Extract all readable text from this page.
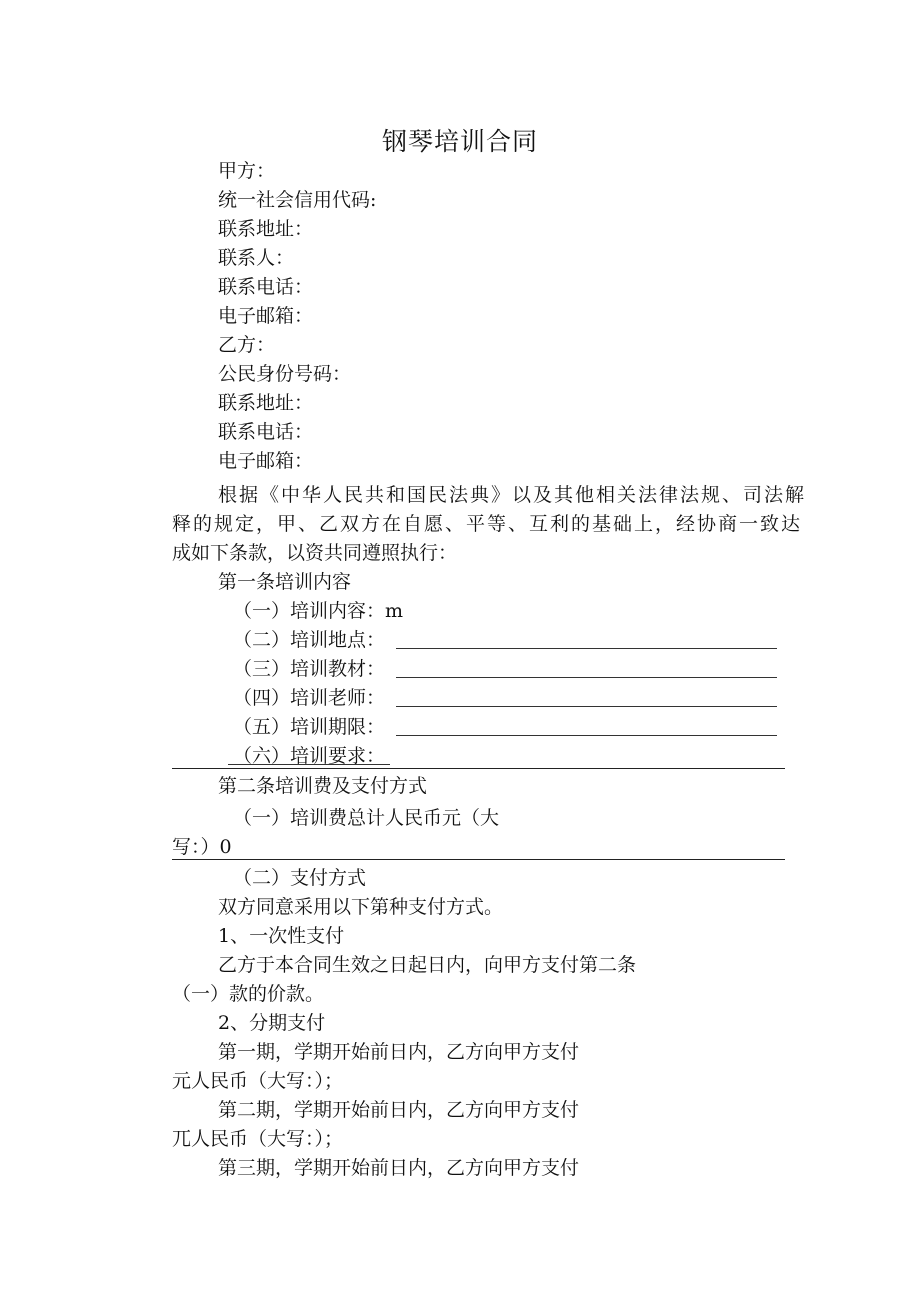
钢琴培训合同
甲方：
统一社会信用代码:
联系地址：
联系人：
联系电话：
电子邮箱：
乙方：
公民身份号码：
联系地址：
联系电话：
电子邮箱：
根据《中华人民共和国民法典》以及其他相关法律法规、司法解
释的规定，甲、乙双方在自愿、平等、互利的基础上，经协商一致达
成如下条款，以资共同遵照执行：
第一条培训内容
（一）培训内容：m
（二）培训地点：
（三）培训教材：
（四）培训老师：
（五）培训期限：
（六）培训要求：
第二条培训费及支付方式
（一）培训费总计人民币元（大
写：）0
（二）支付方式
双方同意采用以下第种支付方式。
1、一次性支付
乙方于本合同生效之日起日内，向甲方支付第二条
（一）款的价款。
2、分期支付
第一期，学期开始前日内，乙方向甲方支付
元人民币（大写：）；
第二期，学期开始前日内，乙方向甲方支付
兀人民币（大写：）；
第三期，学期开始前日内，乙方向甲方支付
